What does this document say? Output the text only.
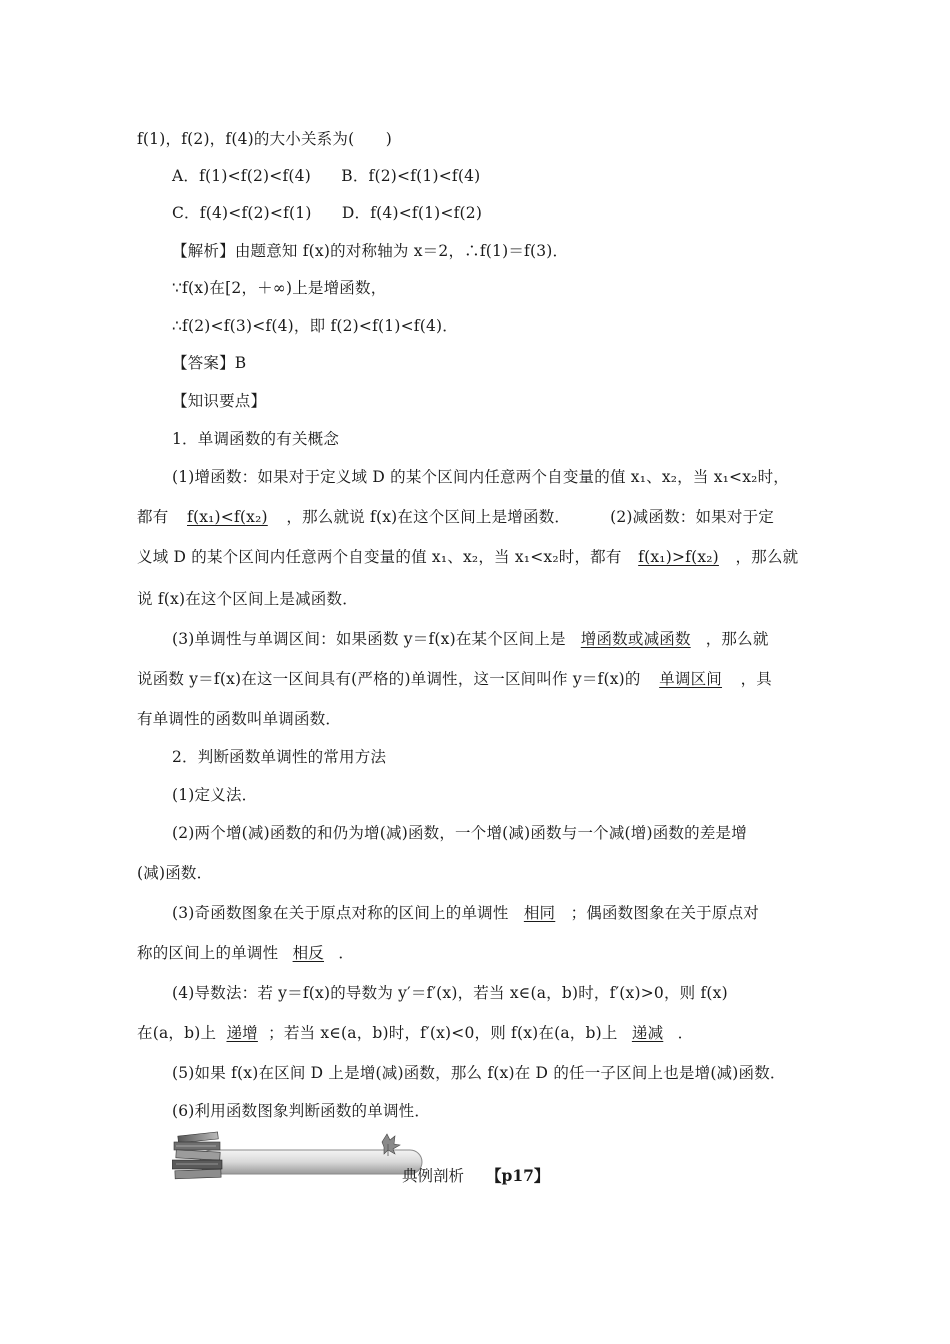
f(1)，f(2)，f(4)的大小关系为(　　)
A．f(1)<f(2)<f(4) B．f(2)<f(1)<f(4)
C．f(4)<f(2)<f(1) D．f(4)<f(1)<f(2)
【解析】由题意知 f(x)的对称轴为 x＝2，∴f(1)＝f(3)．
∵f(x)在[2，＋∞)上是增函数，
∴f(2)<f(3)<f(4)，即 f(2)<f(1)<f(4)．
【答案】B
【知识要点】
1．单调函数的有关概念
(1)增函数：如果对于定义域 D 的某个区间内任意两个自变量的值 x₁、x₂，当 x₁<x₂时，
都有 f(x₁)<f(x₂) ，那么就说 f(x)在这个区间上是增函数．	(2)减函数：如果对于定
义域 D 的某个区间内任意两个自变量的值 x₁、x₂，当 x₁<x₂时，都有 f(x₁)>f(x₂) ，那么就
说 f(x)在这个区间上是减函数．
(3)单调性与单调区间：如果函数 y＝f(x)在某个区间上是 增函数或减函数 ，那么就
说函数 y＝f(x)在这一区间具有(严格的)单调性，这一区间叫作 y＝f(x)的 单调区间 ，具
有单调性的函数叫单调函数．
2．判断函数单调性的常用方法
(1)定义法．
(2)两个增(减)函数的和仍为增(减)函数，一个增(减)函数与一个减(增)函数的差是增
(减)函数．
(3)奇函数图象在关于原点对称的区间上的单调性 相同 ；偶函数图象在关于原点对
称的区间上的单调性 相反 ．
(4)导数法：若 y＝f(x)的导数为 y′＝f′(x)，若当 x∈(a，b)时，f′(x)>0，则 f(x)
在(a，b)上 递增 ；若当 x∈(a，b)时，f′(x)<0，则 f(x)在(a，b)上 递减 ．
(5)如果 f(x)在区间 D 上是增(减)函数，那么 f(x)在 D 的任一子区间上也是增(减)函数．
(6)利用函数图象判断函数的单调性．
典例剖析 【p17】
